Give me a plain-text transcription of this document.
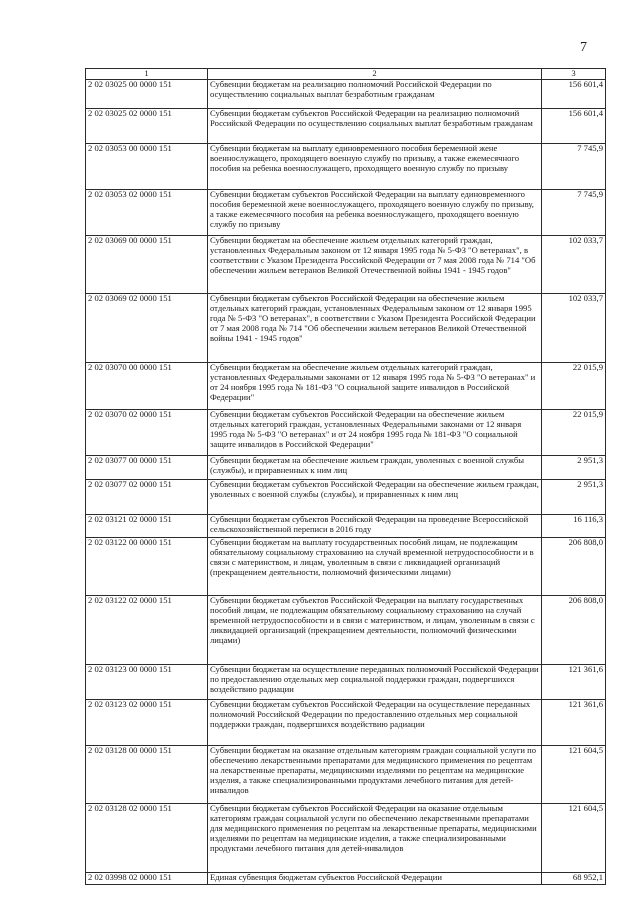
7
1	2	3
2 02 03025 00 0000 151	Субвенции бюджетам на реализацию полномочий Российской Федерации по осуществлению социальных выплат безработным гражданам	156 601,4
2 02 03025 02 0000 151	Субвенции бюджетам субъектов Российской Федерации на реализацию полномочий Российской Федерации по осуществлению социальных выплат безработным гражданам	156 601,4
2 02 03053 00 0000 151	Субвенции бюджетам на выплату единовременного пособия беременной жене военнослужащего, проходящего военную службу по призыву, а также ежемесячного пособия на ребенка военнослужащего, проходящего военную службу по призыву	7 745,9
2 02 03053 02 0000 151	Субвенции бюджетам субъектов Российской Федерации на выплату единовременного пособия беременной жене военнослужащего, проходящего военную службу по призыву, а также ежемесячного пособия на ребенка военнослужащего, проходящего военную службу по призыву	7 745,9
2 02 03069 00 0000 151	Субвенции бюджетам на обеспечение жильем отдельных категорий граждан, установленных Федеральным законом от 12 января 1995 года № 5-ФЗ "О ветеранах", в соответствии с Указом Президента Российской Федерации от 7 мая 2008 года № 714 "Об обеспечении жильем ветеранов Великой Отечественной войны 1941 - 1945 годов"	102 033,7
2 02 03069 02 0000 151	Субвенции бюджетам субъектов Российской Федерации на обеспечение жильем отдельных категорий граждан, установленных Федеральным законом от 12 января 1995 года № 5-ФЗ "О ветеранах", в соответствии с Указом Президента Российской Федерации от 7 мая 2008 года № 714 "Об обеспечении жильем ветеранов Великой Отечественной войны 1941 - 1945 годов"	102 033,7
2 02 03070 00 0000 151	Субвенции бюджетам на обеспечение жильем отдельных категорий граждан, установленных Федеральными законами от 12 января 1995 года № 5-ФЗ "О ветеранах" и от 24 ноября 1995 года № 181-ФЗ "О социальной защите инвалидов в Российской Федерации"	22 015,9
2 02 03070 02 0000 151	Субвенции бюджетам субъектов Российской Федерации на обеспечение жильем отдельных категорий граждан, установленных Федеральными законами от 12 января 1995 года № 5-ФЗ "О ветеранах" и от 24 ноября 1995 года № 181-ФЗ "О социальной защите инвалидов в Российской Федерации"	22 015,9
2 02 03077 00 0000 151	Субвенции бюджетам на обеспечение жильем граждан, уволенных с военной службы (службы), и приравненных к ним лиц	2 951,3
2 02 03077 02 0000 151	Субвенции бюджетам субъектов Российской Федерации на обеспечение жильем граждан, уволенных с военной службы (службы), и приравненных к ним лиц	2 951,3
2 02 03121 02 0000 151	Субвенции бюджетам субъектов Российской Федерации на проведение Всероссийской сельскохозяйственной переписи в 2016 году	16 116,3
2 02 03122 00 0000 151	Субвенции бюджетам на выплату государственных пособий лицам, не подлежащим обязательному социальному страхованию на случай временной нетрудоспособности и в связи с материнством, и лицам, уволенным в связи с ликвидацией организаций (прекращением деятельности, полномочий физическими лицами)	206 808,0
2 02 03122 02 0000 151	Субвенции бюджетам субъектов Российской Федерации на выплату государственных пособий лицам, не подлежащим обязательному социальному страхованию на случай временной нетрудоспособности и в связи с материнством, и лицам, уволенным в связи с ликвидацией организаций (прекращением деятельности, полномочий физическими лицами)	206 808,0
2 02 03123 00 0000 151	Субвенции бюджетам на осуществление переданных полномочий Российской Федерации по предоставлению отдельных мер социальной поддержки граждан, подвергшихся воздействию радиации	121 361,6
2 02 03123 02 0000 151	Субвенции бюджетам субъектов Российской Федерации на осуществление переданных полномочий Российской Федерации по предоставлению отдельных мер социальной поддержки граждан, подвергшихся воздействию радиации	121 361,6
2 02 03128 00 0000 151	Субвенции бюджетам на оказание отдельным категориям граждан социальной услуги по обеспечению лекарственными препаратами для медицинского применения по рецептам на лекарственные препараты, медицинскими изделиями по рецептам на медицинские изделия, а также специализированными продуктами лечебного питания для детей-инвалидов	121 604,5
2 02 03128 02 0000 151	Субвенции бюджетам субъектов Российской Федерации на оказание отдельным категориям граждан социальной услуги по обеспечению лекарственными препаратами для медицинского применения по рецептам на лекарственные препараты, медицинскими изделиями по рецептам на медицинские изделия, а также специализированными продуктами лечебного питания для детей-инвалидов	121 604,5
2 02 03998 02 0000 151	Единая субвенция бюджетам субъектов Российской Федерации	68 952,1
